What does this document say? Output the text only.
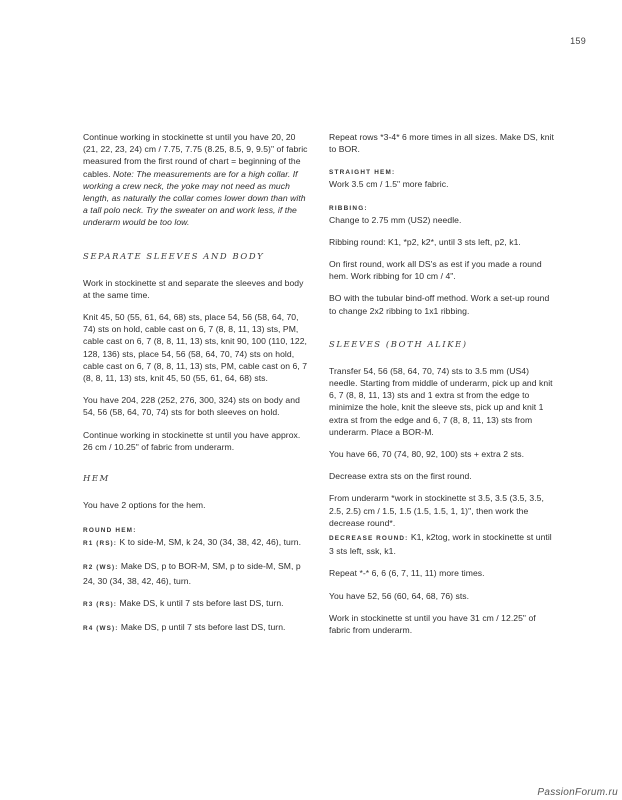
159

Continue working in stockinette st until you have 20, 20 (21, 22, 23, 24) cm / 7.75, 7.75 (8.25, 8.5, 9, 9.5)" of fabric measured from the first round of chart = beginning of the cables. Note: The measurements are for a high collar. If working a crew neck, the yoke may not need as much length, as naturally the collar comes lower down than with a tall polo neck. Try the sweater on and work less, if the underarm would be too low.

SEPARATE SLEEVES AND BODY

Work in stockinette st and separate the sleeves and body at the same time.

Knit 45, 50 (55, 61, 64, 68) sts, place 54, 56 (58, 64, 70, 74) sts on hold, cable cast on 6, 7 (8, 8, 11, 13) sts, PM, cable cast on 6, 7 (8, 8, 11, 13) sts, knit 90, 100 (110, 122, 128, 136) sts, place 54, 56 (58, 64, 70, 74) sts on hold, cable cast on 6, 7 (8, 8, 11, 13) sts, PM, cable cast on 6, 7 (8, 8, 11, 13) sts, knit 45, 50 (55, 61, 64, 68) sts.

You have 204, 228 (252, 276, 300, 324) sts on body and 54, 56 (58, 64, 70, 74) sts for both sleeves on hold.

Continue working in stockinette st until you have approx. 26 cm / 10.25" of fabric from underarm.

HEM

You have 2 options for the hem.

ROUND HEM:

R1 (RS): K to side-M, SM, k 24, 30 (34, 38, 42, 46), turn.

R2 (WS): Make DS, p to BOR-M, SM, p to side-M, SM, p 24, 30 (34, 38, 42, 46), turn.

R3 (RS): Make DS, k until 7 sts before last DS, turn.

R4 (WS): Make DS, p until 7 sts before last DS, turn.

Repeat rows *3-4* 6 more times in all sizes. Make DS, knit to BOR.

STRAIGHT HEM:

Work 3.5 cm / 1.5" more fabric.

RIBBING:

Change to 2.75 mm (US2) needle.

Ribbing round: K1, *p2, k2*, until 3 sts left, p2, k1.

On first round, work all DS's as est if you made a round hem. Work ribbing for 10 cm / 4".

BO with the tubular bind-off method. Work a set-up round to change 2x2 ribbing to 1x1 ribbing.

SLEEVES (BOTH ALIKE)

Transfer 54, 56 (58, 64, 70, 74) sts to 3.5 mm (US4) needle. Starting from middle of underarm, pick up and knit 6, 7 (8, 8, 11, 13) sts and 1 extra st from the edge to minimize the hole, knit the sleeve sts, pick up and knit 1 extra st from the edge and 6, 7 (8, 8, 11, 13) sts from underarm. Place a BOR-M.

You have 66, 70 (74, 80, 92, 100) sts + extra 2 sts.

Decrease extra sts on the first round.

From underarm *work in stockinette st 3.5, 3.5 (3.5, 3.5, 2.5, 2.5) cm / 1.5, 1.5 (1.5, 1.5, 1, 1)", then work the decrease round*.

DECREASE ROUND: K1, k2tog, work in stockinette st until 3 sts left, ssk, k1.

Repeat *-* 6, 6 (6, 7, 11, 11) more times.

You have 52, 56 (60, 64, 68, 76) sts.

Work in stockinette st until you have 31 cm / 12.25" of fabric from underarm.

PassionForum.ru
